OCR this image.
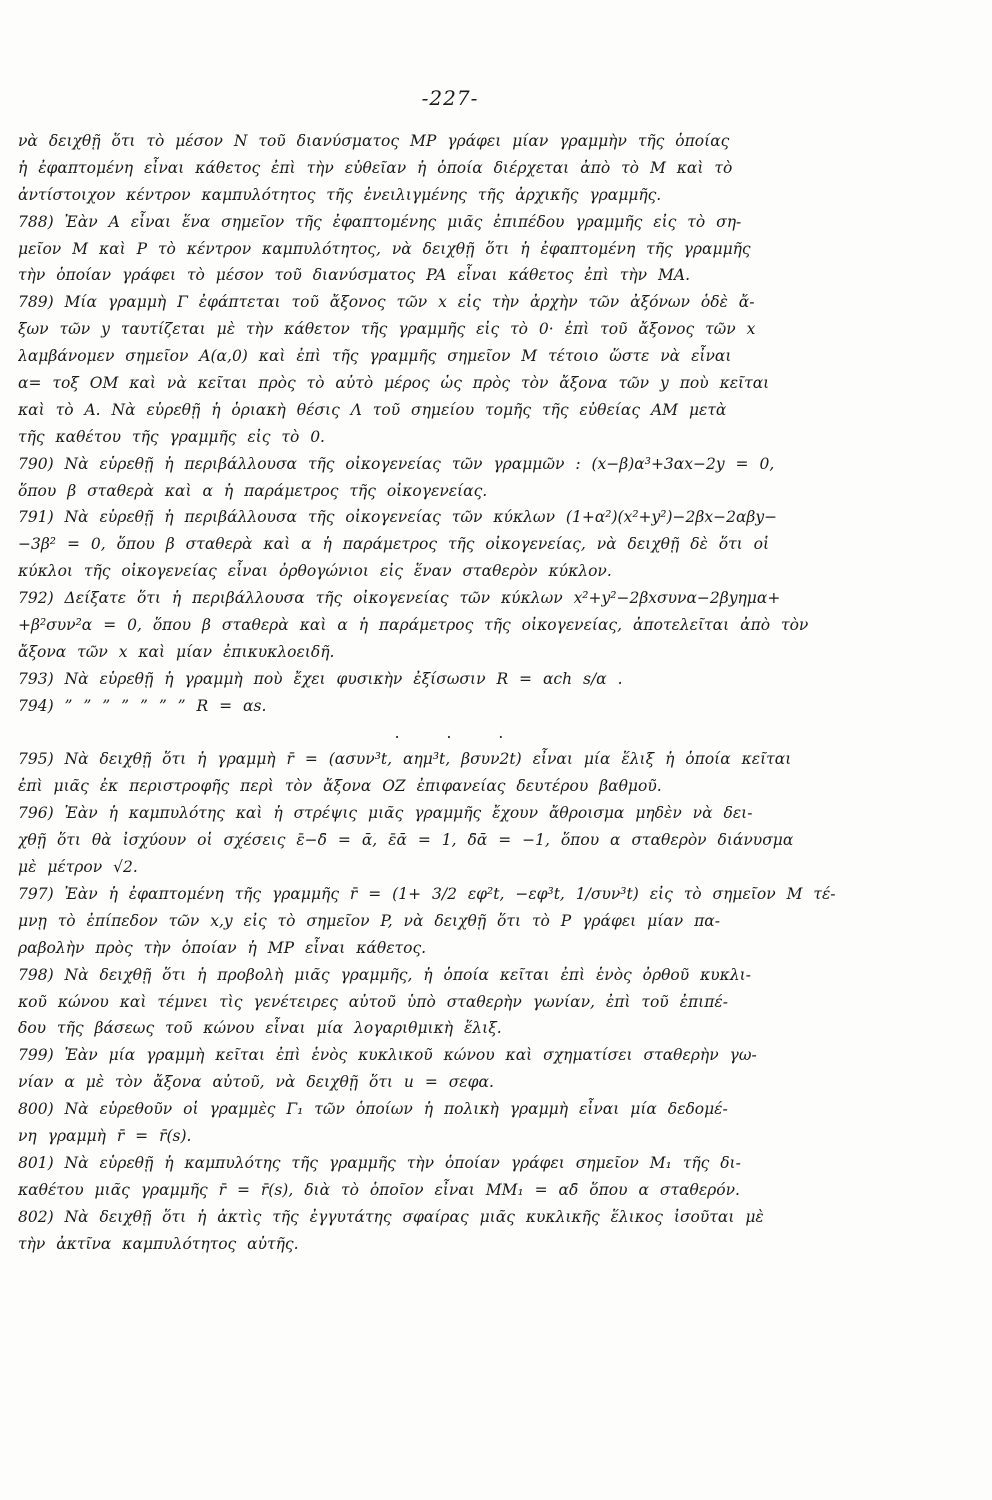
-227-
νὰ δειχθῇ ὅτι τὸ μέσον Ν τοῦ διανύσματος MP γράφει μίαν γραμμὴν τῆς ὁποίας
ἡ ἐφαπτομένη εἶναι κάθετος ἐπὶ τὴν εὐθεῖαν ἡ ὁποία διέρχεται ἀπὸ τὸ Μ καὶ τὸ
ἀντίστοιχον κέντρον καμπυλότητος τῆς ἐνειλιγμένης τῆς ἀρχικῆς γραμμῆς.
788) Ἐὰν Α εἶναι ἕνα σημεῖον τῆς ἐφαπτομένης μιᾶς ἐπιπέδου γραμμῆς εἰς τὸ ση-
μεῖον Μ καὶ Ρ τὸ κέντρον καμπυλότητος, νὰ δειχθῇ ὅτι ἡ ἐφαπτομένη τῆς γραμμῆς
τὴν ὁποίαν γράφει τὸ μέσον τοῦ διανύσματος PA εἶναι κάθετος ἐπὶ τὴν ΜΑ.
789) Μία γραμμὴ Γ ἐφάπτεται τοῦ ἄξονος τῶν x εἰς τὴν ἀρχὴν τῶν ἀξόνων ὁδὲ ἄ-
ξων τῶν y ταυτίζεται μὲ τὴν κάθετον τῆς γραμμῆς εἰς τὸ 0· ἐπὶ τοῦ ἄξονος τῶν x
λαμβάνομεν σημεῖον Α(α,0) καὶ ἐπὶ τῆς γραμμῆς σημεῖον Μ τέτοιο ὥστε νὰ εἶναι
α= τοξ ΟΜ καὶ νὰ κεῖται πρὸς τὸ αὐτὸ μέρος ὡς πρὸς τὸν ἄξονα τῶν y ποὺ κεῖται
καὶ τὸ Α. Νὰ εὑρεθῇ ἡ ὁριακὴ θέσις Λ τοῦ σημείου τομῆς τῆς εὐθείας ΑΜ μετὰ
τῆς καθέτου τῆς γραμμῆς εἰς τὸ 0.
790) Νὰ εὑρεθῇ ἡ περιβάλλουσα τῆς οἰκογενείας τῶν γραμμῶν : (x−β)α³+3αx−2y = 0,
ὅπου β σταθερὰ καὶ α ἡ παράμετρος τῆς οἰκογενείας.
791) Νὰ εὑρεθῇ ἡ περιβάλλουσα τῆς οἰκογενείας τῶν κύκλων (1+α²)(x²+y²)−2βx−2αβy−
−3β² = 0, ὅπου β σταθερὰ καὶ α ἡ παράμετρος τῆς οἰκογενείας, νὰ δειχθῇ δὲ ὅτι οἱ
κύκλοι τῆς οἰκογενείας εἶναι ὀρθογώνιοι εἰς ἕναν σταθερὸν κύκλον.
792) Δείξατε ὅτι ἡ περιβάλλουσα τῆς οἰκογενείας τῶν κύκλων x²+y²−2βxσυνα−2βyημα+
+β²συν²α = 0, ὅπου β σταθερὰ καὶ α ἡ παράμετρος τῆς οἰκογενείας, ἀποτελεῖται ἀπὸ τὸν
ἄξονα τῶν x καὶ μίαν ἐπικυκλοειδῆ.
793) Νὰ εὑρεθῇ ἡ γραμμὴ ποὺ ἔχει φυσικὴν ἐξίσωσιν R = αch s/α .
794) ” ” ” ” ” ” ” R = αs.
. . .
795) Νὰ δειχθῇ ὅτι ἡ γραμμὴ r̄ = (ασυν³t, αημ³t, βσυν2t) εἶναι μία ἕλιξ ἡ ὁποία κεῖται
ἐπὶ μιᾶς ἐκ περιστροφῆς περὶ τὸν ἄξονα ΟΖ ἐπιφανείας δευτέρου βαθμοῦ.
796) Ἐὰν ἡ καμπυλότης καὶ ἡ στρέψις μιᾶς γραμμῆς ἔχουν ἄθροισμα μηδὲν νὰ δει-
χθῇ ὅτι θὰ ἰσχύουν οἱ σχέσεις ε̄−δ̄ = ᾱ, ε̄ᾱ = 1, δ̄ᾱ = −1, ὅπου α σταθερὸν διάνυσμα
μὲ μέτρον √2.
797) Ἐὰν ἡ ἐφαπτομένη τῆς γραμμῆς r̄ = (1+ 3/2 εφ²t, −εφ³t, 1/συν³t) εἰς τὸ σημεῖον Μ τέ-
μνῃ τὸ ἐπίπεδον τῶν x,y εἰς τὸ σημεῖον P, νὰ δειχθῇ ὅτι τὸ Ρ γράφει μίαν πα-
ραβολὴν πρὸς τὴν ὁποίαν ἡ ΜΡ εἶναι κάθετος.
798) Νὰ δειχθῇ ὅτι ἡ προβολὴ μιᾶς γραμμῆς, ἡ ὁποία κεῖται ἐπὶ ἑνὸς ὀρθοῦ κυκλι-
κοῦ κώνου καὶ τέμνει τὶς γενέτειρες αὐτοῦ ὑπὸ σταθερὴν γωνίαν, ἐπὶ τοῦ ἐπιπέ-
δου τῆς βάσεως τοῦ κώνου εἶναι μία λογαριθμικὴ ἕλιξ.
799) Ἐὰν μία γραμμὴ κεῖται ἐπὶ ἑνὸς κυκλικοῦ κώνου καὶ σχηματίσει σταθερὴν γω-
νίαν α μὲ τὸν ἄξονα αὐτοῦ, νὰ δειχθῇ ὅτι u = σεφα.
800) Νὰ εὑρεθοῦν οἱ γραμμὲς Γ₁ τῶν ὁποίων ἡ πολικὴ γραμμὴ εἶναι μία δεδομέ-
νη γραμμὴ r̄ = r̄(s).
801) Νὰ εὑρεθῇ ἡ καμπυλότης τῆς γραμμῆς τὴν ὁποίαν γράφει σημεῖον Μ₁ τῆς δι-
καθέτου μιᾶς γραμμῆς r̄ = r̄(s), διὰ τὸ ὁποῖον εἶναι MM₁ = αδ̄ ὅπου α σταθερόν.
802) Νὰ δειχθῇ ὅτι ἡ ἀκτὶς τῆς ἐγγυτάτης σφαίρας μιᾶς κυκλικῆς ἕλικος ἰσοῦται μὲ
τὴν ἀκτῖνα καμπυλότητος αὐτῆς.
